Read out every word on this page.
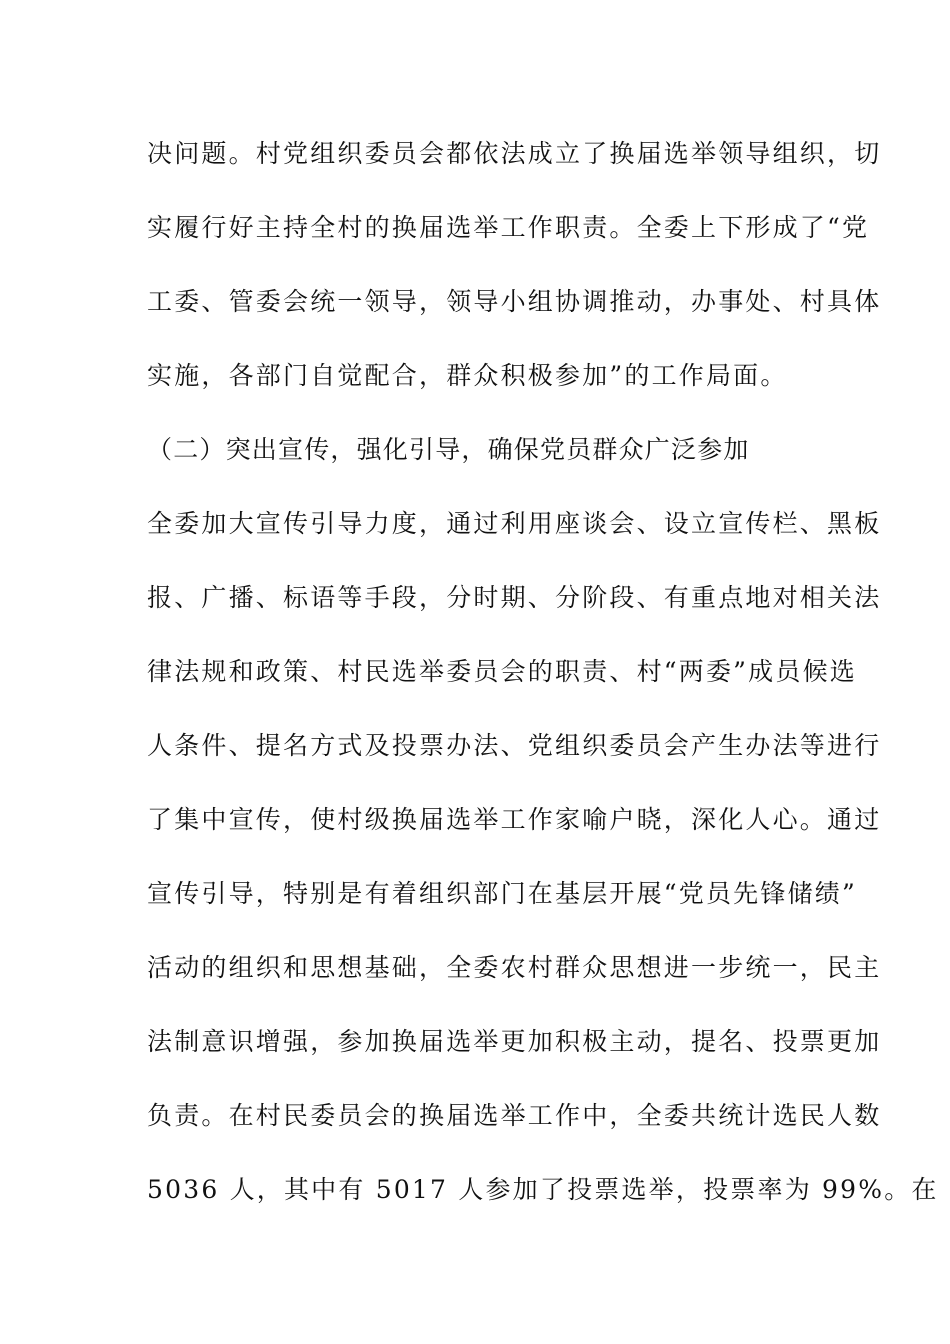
决问题。村党组织委员会都依法成立了换届选举领导组织，切
实履行好主持全村的换届选举工作职责。全委上下形成了“党
工委、管委会统一领导，领导小组协调推动，办事处、村具体
实施，各部门自觉配合，群众积极参加”的工作局面。
（二）突出宣传，强化引导，确保党员群众广泛参加
全委加大宣传引导力度，通过利用座谈会、设立宣传栏、黑板
报、广播、标语等手段，分时期、分阶段、有重点地对相关法
律法规和政策、村民选举委员会的职责、村“两委”成员候选
人条件、提名方式及投票办法、党组织委员会产生办法等进行
了集中宣传，使村级换届选举工作家喻户晓，深化人心。通过
宣传引导，特别是有着组织部门在基层开展“党员先锋储绩”
活动的组织和思想基础，全委农村群众思想进一步统一，民主
法制意识增强，参加换届选举更加积极主动，提名、投票更加
负责。在村民委员会的换届选举工作中，全委共统计选民人数
5036 人，其中有 5017 人参加了投票选举，投票率为 99%。在
